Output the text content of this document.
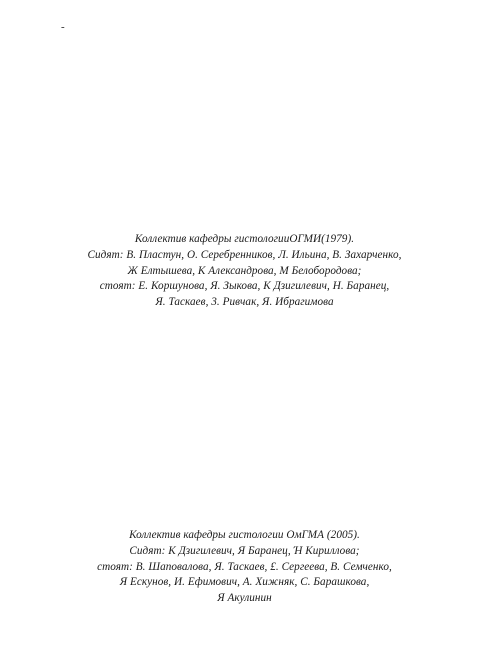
-
Коллектив кафедры гистологииОГМИ(1979).
Сидят: В. Пластун, О. Серебренников, Л. Ильина, В. Захарченко,
Ж Елтышева, К Александрова, М Белобородова;
стоят: Е. Коршунова, Я. Зыкова, К Дзигилевич, Н. Баранец,
Я. Таскаев, 3. Ривчак, Я. Ибрагимова
Коллектив кафедры гистологии ОмГМА (2005).
Сидят: К Дзигилевич, Я Баранец, Ή Кириллова;
стоят: В. Шаповалова, Я. Таскаев, £. Сергеева, В. Семченко,
Я Ескунов, И. Ефимович, А. Хижняк, С. Барашкова,
Я Акулинин
